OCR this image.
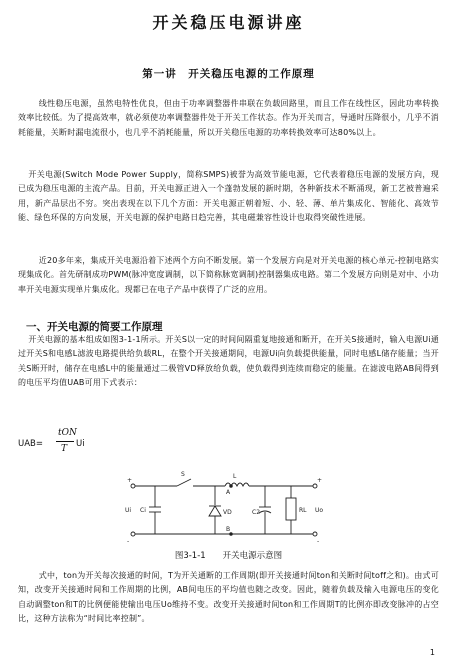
开关稳压电源讲座
第一讲　开关稳压电源的工作原理

线性稳压电源，虽然电特性优良，但由于功率调整器件串联在负载回路里，而且工作在线性区，因此功率转换效率比较低。为了提高效率，就必须使功率调整器件处于开关工作状态。作为开关而言，导通时压降很小，几乎不消耗能量，关断时漏电流很小，也几乎不消耗能量，所以开关稳压电源的功率转换效率可达80%以上。

开关电源(Switch Mode Power Supply，简称SMPS)被誉为高效节能电源，它代表着稳压电源的发展方向，现已成为稳压电源的主流产品。目前，开关电源正进入一个蓬勃发展的新时期，各种新技术不断涌现，新工艺被普遍采用，新产品层出不穷。突出表现在以下几个方面：开关电源正朝着短、小、轻、薄、单片集成化、智能化、高效节能、绿色环保的方向发展，开关电源的保护电路日趋完善，其电磁兼容性设计也取得突破性进展。

近20多年来，集成开关电源沿着下述两个方向不断发展。第一个发展方向是对开关电源的核心单元-控制电路实现集成化。首先研制成功PWM(脉冲宽度调制，以下简称脉宽调制)控制器集成电路。第二个发展方向则是对中、小功率开关电源实现单片集成化。现都已在电子产品中获得了广泛的应用。

一、开关电源的简要工作原理

开关电源的基本组成如图3-1-1所示。开关S以一定的时间间隔重复地接通和断开，在开关S接通时，输入电源Ui通过开关S和电感L滤波电路提供给负载RL，在整个开关接通期间，电源Ui向负载提供能量，同时电感L储存能量；当开关S断开时，储存在电感L中的能量通过二极管VD释放给负载，使负载得到连续而稳定的能量。在滤波电路AB间得到的电压平均值UAB可用下式表示：

UAB=
tON
T Ui
S	L
A
B
Ci	VD	C2	RL
Ui	Uo
+
-
+
-
图3-1-1　　开关电源示意图

式中，ton为开关每次接通的时间，T为开关通断的工作周期(即开关接通时间ton和关断时间toff之和)。由式可知，改变开关接通时间和工作周期的比例，AB间电压的平均值也随之改变。因此，随着负载及输入电源电压的变化自动调整ton和T的比例便能使输出电压Uo维持不变。改变开关接通时间ton和工作周期T的比例亦即改变脉冲的占空比，这种方法称为“时间比率控制”。

1
